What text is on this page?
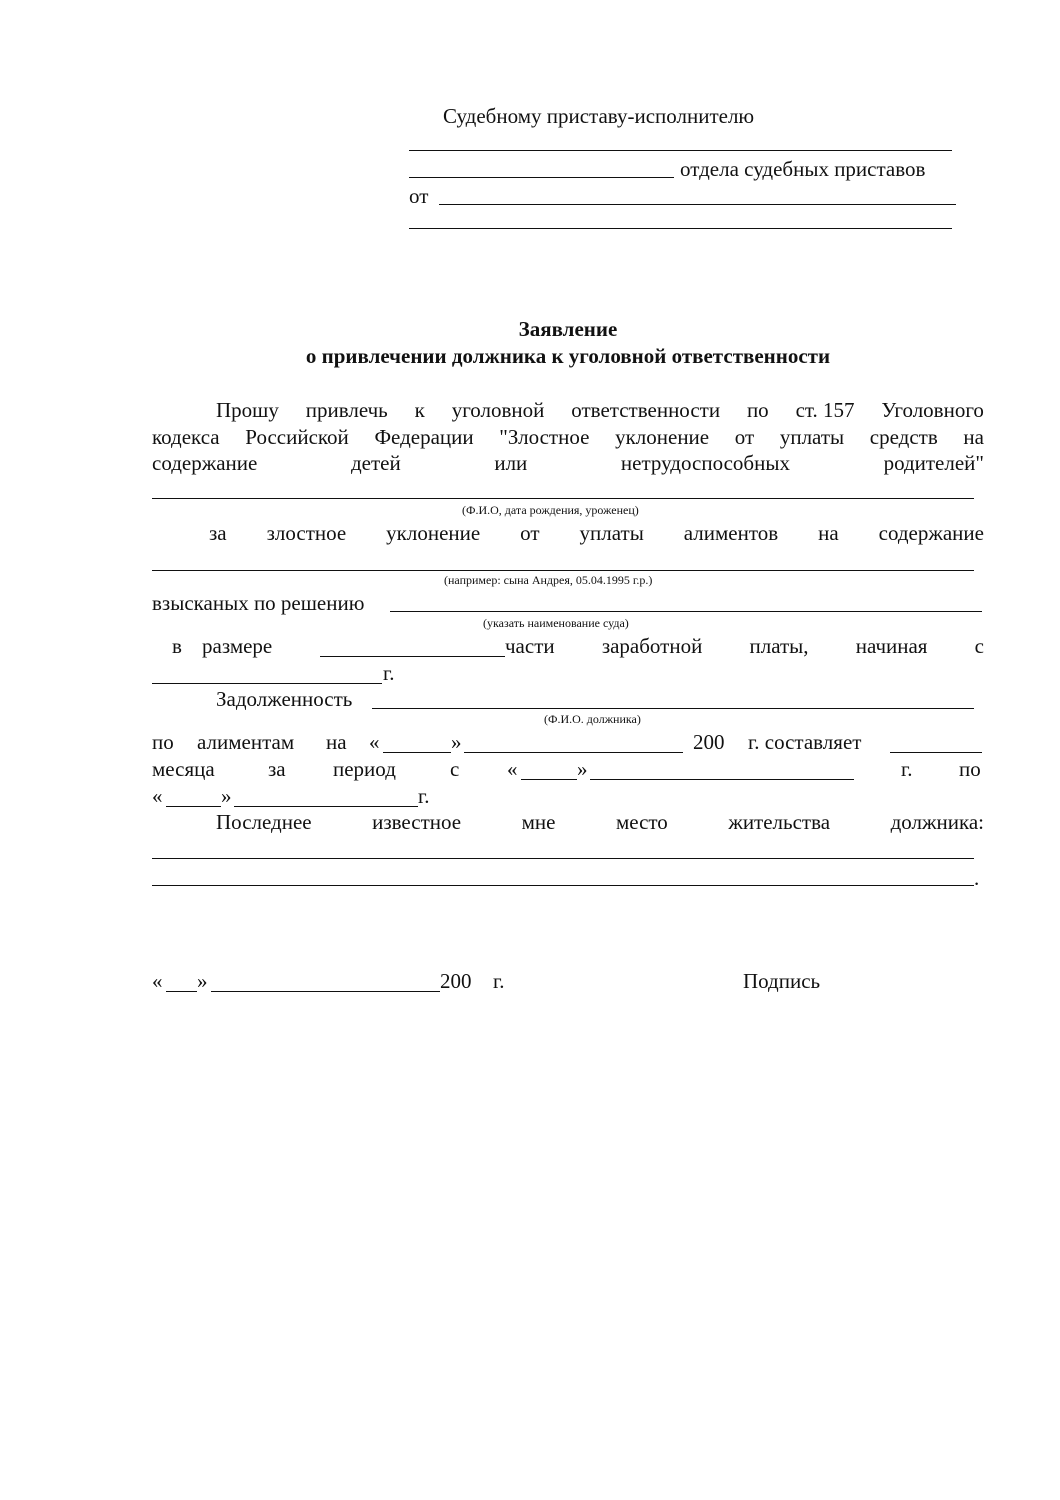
Судебному приставу-исполнителю
отдела судебных приставов
от
Заявление
о привлечении должника к уголовной ответственности
Прошу привлечь к уголовной ответственности по ст. 157 Уголовного
кодекса Российской Федерации "Злостное уклонение от уплаты средств на
содержание	детей	или	нетрудоспособных	родителей"
(Ф.И.О, дата рождения, уроженец)
за злостное уклонение от уплаты алиментов на содержание
(например: сына Андрея, 05.04.1995 г.р.)
взысканых по решению
(указать наименование суда)
в размере	части заработной платы, начиная с
г.
Задолженность
(Ф.И.О. должника)
по алиментам на «	»	200 г. составляет
месяца	за период	с «	»	г. по
«	»	г.
Последнее	известное	мне	место	жительства	должника:
.
« »	200 г.	Подпись
